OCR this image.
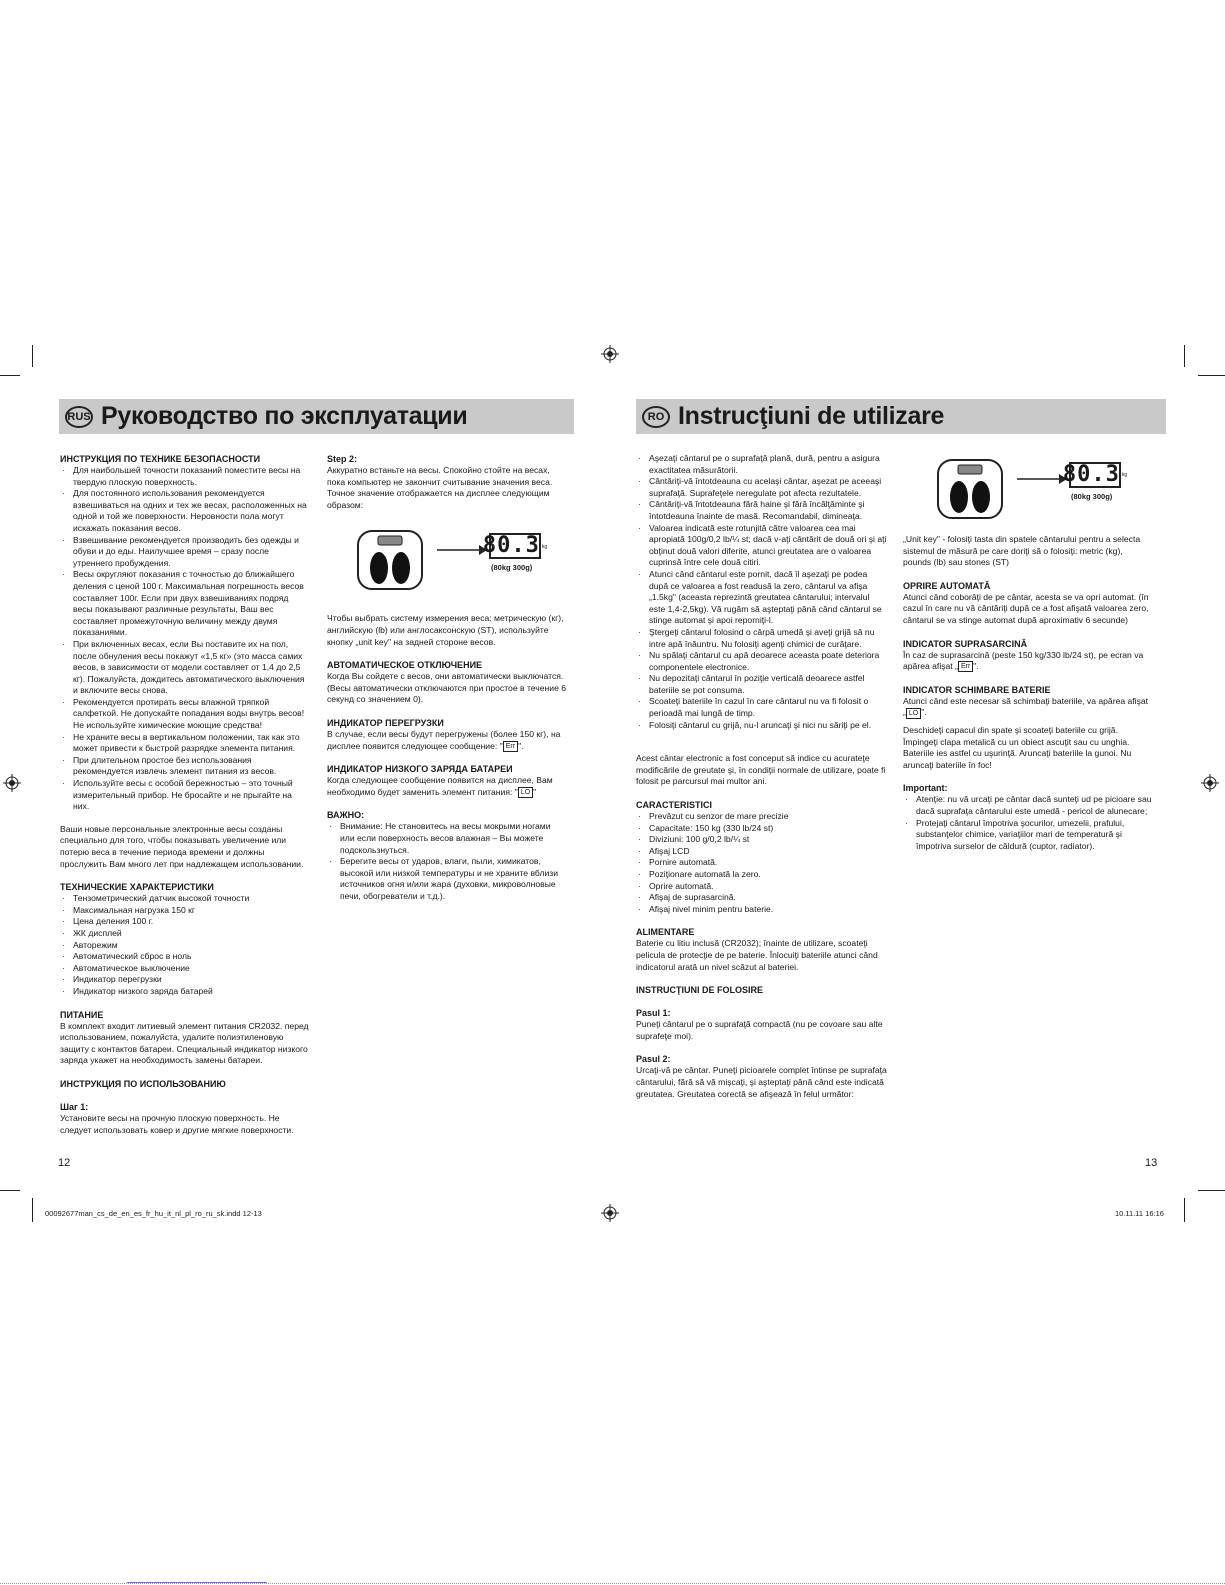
RUS Руководство по эксплуатации	RO Instrucţiuni de utilizare
ИНСТРУКЦИЯ ПО ТЕХНИКЕ БЕЗОПАСНОСТИ
· Для наибольшей точности показаний поместите весы на твердую плоскую поверхность.
· Для постоянного использования рекомендуется взвешиваться на одних и тех же весах, расположенных на одной и той же поверхности. Неровности пола могут искажать показания весов.
· Взвешивание рекомендуется производить без одежды и обуви и до еды. Наилучшее время – сразу после утреннего пробуждения.
· Весы округляют показания с точностью до ближайшего деления с ценой 100 г. Максимальная погрешность весов составляет 100г. Если при двух взвешиваниях подряд весы показывают различные результаты, Ваш вес составляет промежуточную величину между двумя показаниями.
· При включенных весах, если Вы поставите их на пол, после обнуления весы покажут «1,5 кг» (это масса самих весов, в зависимости от модели составляет от 1,4 до 2,5 кг). Пожалуйста, дождитесь автоматического выключения и включите весы снова.
· Рекомендуется протирать весы влажной тряпкой салфеткой. Не допускайте попадания воды внутрь весов! Не используйте химические моющие средства!
· Не храните весы в вертикальном положении, так как это может привести к быстрой разрядке элемента питания.
· При длительном простое без использования рекомендуется извлечь элемент питания из весов.
· Используйте весы с особой бережностью – это точный измерительный прибор. Не бросайте и не прыгайте на них.

Ваши новые персональные электронные весы созданы специально для того, чтобы показывать увеличение или потерю веса в течение периода времени и должны прослужить Вам много лет при надлежащем использовании.

ТЕХНИЧЕСКИЕ ХАРАКТЕРИСТИКИ
· Тензометрический датчик высокой точности
· Максимальная нагрузка 150 кг
· Цена деления 100 г.
· ЖК дисплей
· Авторежим
· Автоматический сброс в ноль
· Автоматическое выключение
· Индикатор перегрузки
· Индикатор низкого заряда батарей
ПИТАНИЕ

В комплект входит литиевый элемент питания CR2032. перед использованием, пожалуйста, удалите полиэтиленовую защиту с контактов батареи. Специальный индикатор низкого заряда укажет на необходимость замены батареи.

ИНСТРУКЦИЯ ПО ИСПОЛЬЗОВАНИЮ
Шаг 1:

Установите весы на прочную плоскую поверхность. Не следует использовать ковер и другие мягкие поверхности.

Step 2:

Аккуратно встаньте на весы. Спокойно стойте на весах, пока компьютер не закончит считывание значения веса. Точное значение отображается на дисплее следующим образом:

80.3 kg
(80kg 300g)

Чтобы выбрать систему измерения веса: метрическую (кг), английскую (lb) или англосаксонскую (ST), используйте кнопку „unit key" на задней стороне весов.

АВТОМАТИЧЕСКОЕ ОТКЛЮЧЕНИЕ

Когда Вы сойдете с весов, они автоматически выключатся. (Весы автоматически отключаются при простое в течение 6 секунд со значением 0).

ИНДИКАТОР ПЕРЕГРУЗКИ

В случае, если весы будут перегружены (более 150 кг), на дисплее появится следующее сообщение: " Err ".

ИНДИКАТОР НИЗКОГО ЗАРЯДА БАТАРЕИ

Когда следующее сообщение появится на дисплее, Вам необходимо будет заменить элемент питания: " LO "

ВАЖНО:
· Внимание: Не становитесь на весы мокрыми ногами или если поверхность весов влажная – Вы можете подскользнуться.
· Берегите весы от ударов, влаги, пыли, химикатов, высокой или низкой температуры и не храните вблизи источников огня и/или жара (духовки, микроволновые печи, обогреватели и т.д.).
· Aşezaţi cântarul pe o suprafaţă plană, dură, pentru a asigura exactitatea măsurătorii.
· Cântăriţi-vă întotdeauna cu acelaşi cântar, aşezat pe aceeaşi suprafaţă. Suprafeţele neregulate pot afecta rezultatele.
· Cântăriţi-vă întotdeauna fără haine şi fără încălţăminte şi întotdeauna înainte de masă. Recomandabil, dimineaţa.
· Valoarea indicată este rotunjită către valoarea cea mai apropiată 100g/0,2 lb/¼ st; dacă v-aţi cântărit de două ori şi aţi obţinut două valori diferite, atunci greutatea are o valoarea cuprinsă între cele două citiri.
· Atunci când cântarul este pornit, dacă îl aşezaţi pe podea după ce valoarea a fost readusă la zero, cântarul va afişa „1.5kg" (aceasta reprezintă greutatea cântarului; intervalul este 1,4-2,5kg). Vă rugăm să aşteptaţi până când cântarul se stinge automat şi apoi reporniţi-l.
· Ştergeţi cântarul folosind o cârpă umedă şi aveţi grijă să nu intre apă înăuntru. Nu folosiţi agenţi chimici de curăţare.
· Nu spălaţi cântarul cu apă deoarece aceasta poate deteriora componentele electronice.
· Nu depozitaţi cântarul în poziţie verticală deoarece astfel bateriile se pot consuma.
· Scoateţi bateriile în cazul în care cântarul nu va fi folosit o perioadă mai lungă de timp.
· Folosiţi cântarul cu grijă, nu-l aruncaţi şi nici nu săriţi pe el.

Acest cântar electronic a fost conceput să indice cu acurateţe modificările de greutate şi, în condiţii normale de utilizare, poate fi folosit pe parcursul mai multor ani.

CARACTERISTICI
· Prevăzut cu senzor de mare precizie
· Capacitate: 150 kg (330 lb/24 st)
· Diviziuni: 100 g/0,2 lb/¼ st
· Afişaj LCD
· Pornire automată.
· Poziţionare automată la zero.
· Oprire automată.
· Afişaj de suprasarcină.
· Afişaj nivel minim pentru baterie.
ALIMENTARE

Baterie cu litiu inclusă (CR2032); înainte de utilizare, scoateţi pelicula de protecţie de pe baterie. Înlocuiţi bateriile atunci când indicatorul arată un nivel scăzut al bateriei.

INSTRUCŢIUNI DE FOLOSIRE
Pasul 1:

Puneţi cântarul pe o suprafaţă compactă (nu pe covoare sau alte suprafeţe moi).

Pasul 2:

Urcaţi-vă pe cântar. Puneţi picioarele complet întinse pe suprafaţa cântarului, fără să vă mişcaţi, şi aşteptaţi până când este indicată greutatea. Greutatea corectă se afişează în felul următor:

80.3 kg
(80kg 300g)

„Unit key" - folosiţi tasta din spatele cântarului pentru a selecta sistemul de măsură pe care doriţi să o folosiţi: metric (kg), pounds (lb) sau stones (ST)

OPRIRE AUTOMATĂ

Atunci când coborâţi de pe cântar, acesta se va opri automat. (în cazul în care nu vă cântăriţi după ce a fost afişată valoarea zero, cântarul se va stinge automat după aproximativ 6 secunde)

INDICATOR SUPRASARCINĂ

În caz de suprasarcină (peste 150 kg/330 lb/24 st), pe ecran va apărea afişat „ Err ".

INDICATOR SCHIMBARE BATERIE

Atunci când este necesar să schimbaţi bateriile, va apărea afişat „ LO ".

Deschideţi capacul din spate şi scoateţi bateriile cu grijă. Împingeţi clapa metalică cu un obiect ascuţit sau cu unghia. Bateriile ies astfel cu uşurinţă. Aruncaţi bateriile la gunoi. Nu aruncaţi bateriile în foc!

Important:
· Atenţie: nu vă urcaţi pe cântar dacă sunteţi ud pe picioare sau dacă suprafaţa cântarului este umedă - pericol de alunecare;
· Protejaţi cântarul împotriva şocurilor, umezelii, prafului, substanţelor chimice, variaţiilor mari de temperatură şi împotriva surselor de căldură (cuptor, radiator).
12	13
00092677man_cs_de_en_es_fr_hu_it_nl_pl_ro_ru_sk.indd 12-13	10.11.11 16:16
